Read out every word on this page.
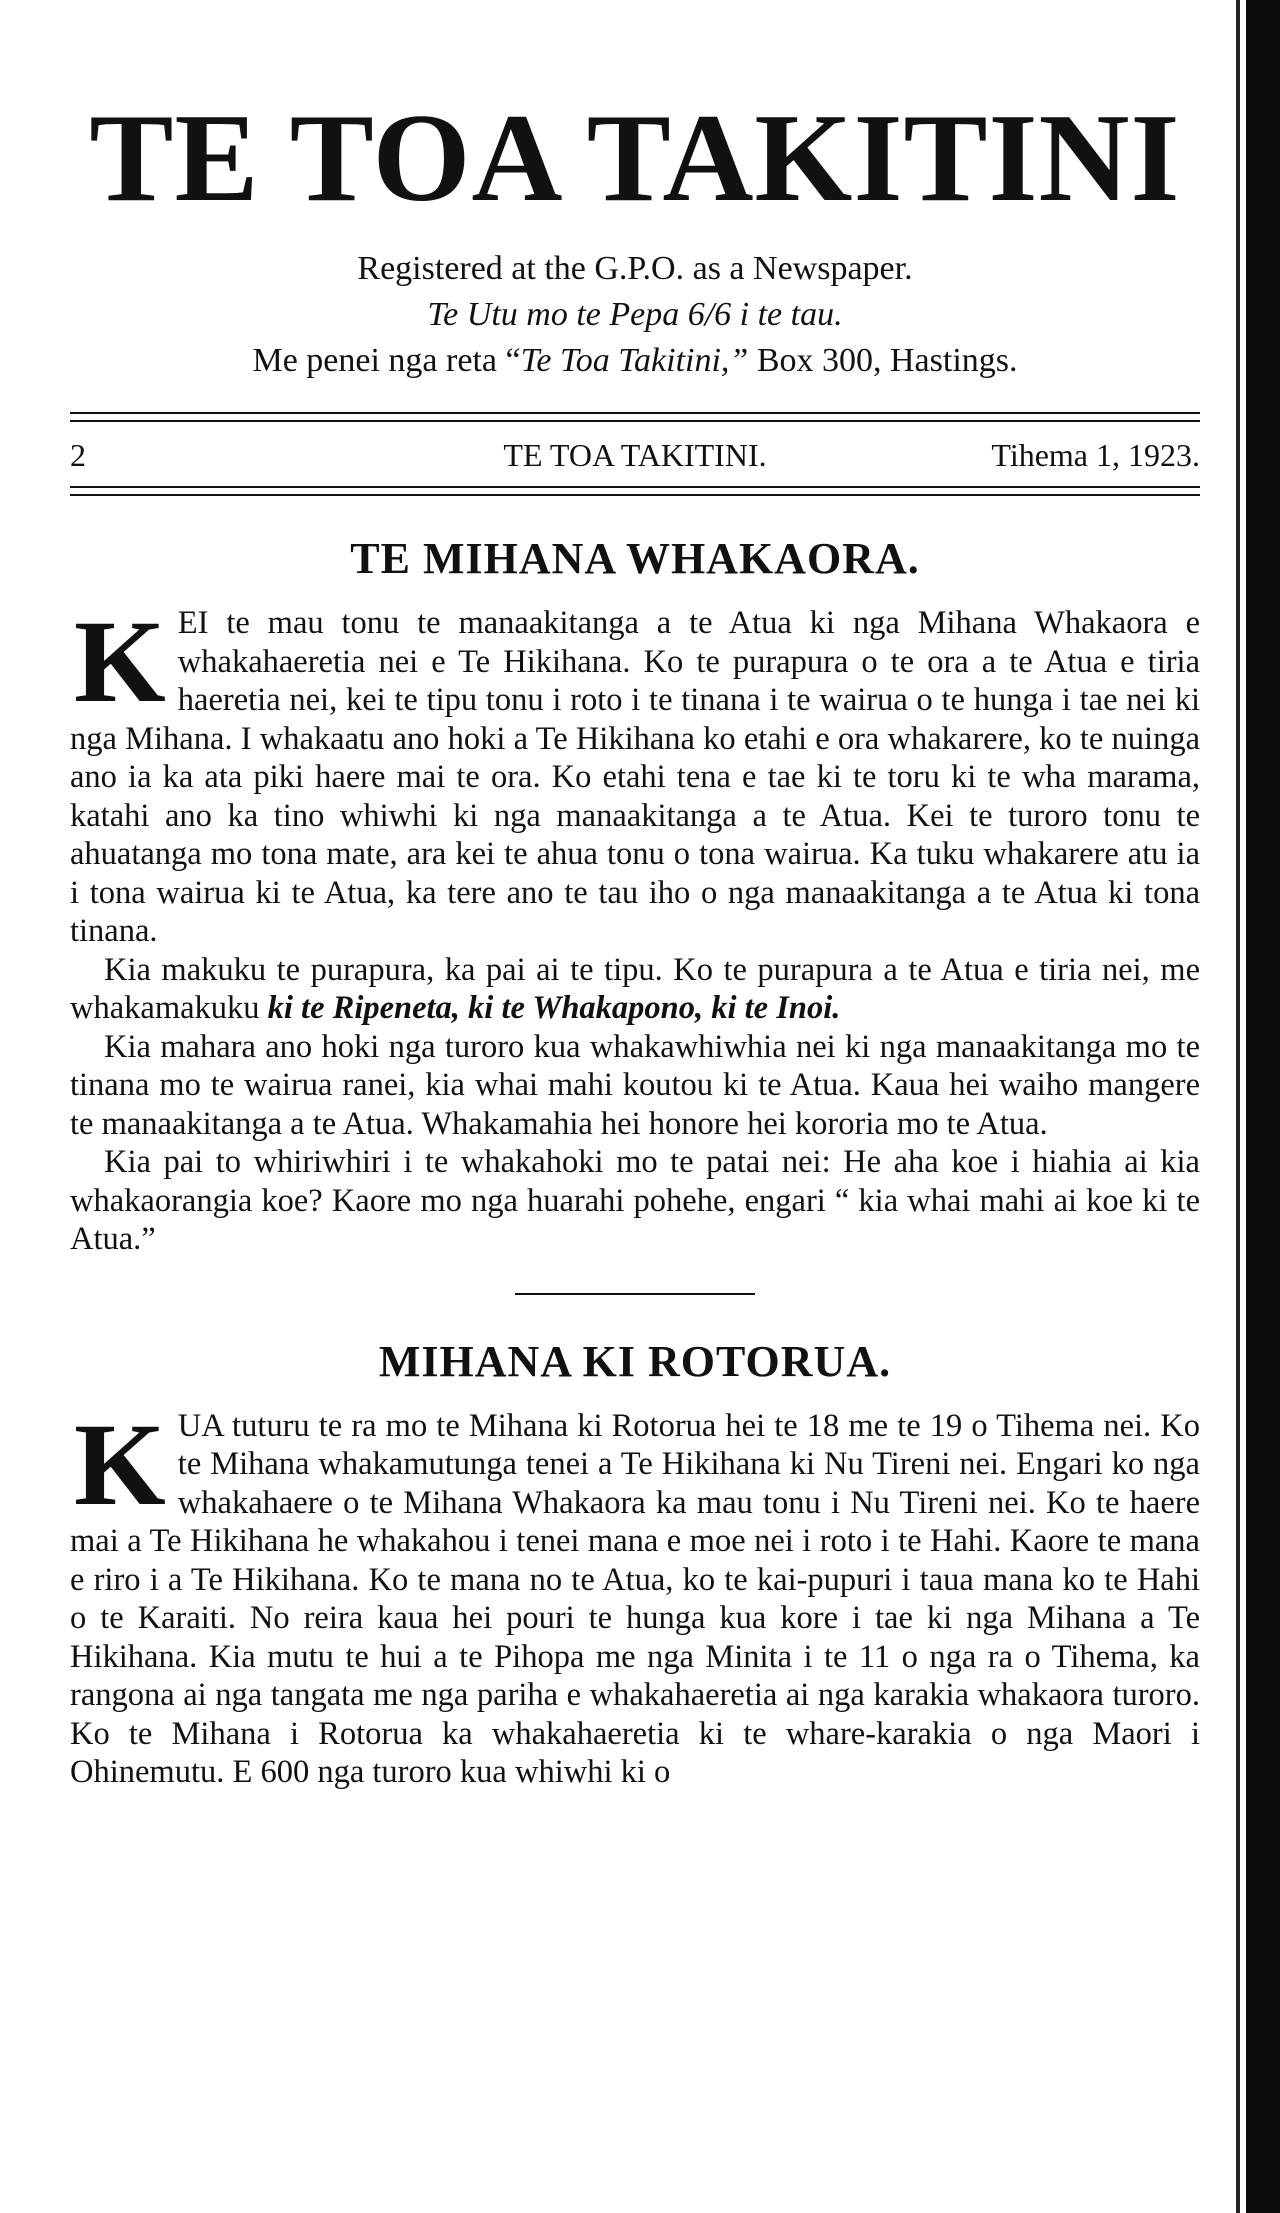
TE TOA TAKITINI
Registered at the G.P.O. as a Newspaper.
Te Utu mo te Pepa 6/6 i te tau.
Me penei nga reta “Te Toa Takitini,” Box 300, Hastings.
2	TE TOA TAKITINI.	Tihema 1, 1923.
TE MIHANA WHAKAORA.

KEI te mau tonu te manaakitanga a te Atua ki nga Mihana Whakaora e whakahaeretia nei e Te Hikihana. Ko te purapura o te ora a te Atua e tiria haeretia nei, kei te tipu tonu i roto i te tinana i te wairua o te hunga i tae nei ki nga Mihana. I whakaatu ano hoki a Te Hikihana ko etahi e ora whakarere, ko te nuinga ano ia ka ata piki haere mai te ora. Ko etahi tena e tae ki te toru ki te wha marama, katahi ano ka tino whiwhi ki nga manaakitanga a te Atua. Kei te turoro tonu te ahuatanga mo tona mate, ara kei te ahua tonu o tona wairua. Ka tuku whakarere atu ia i tona wairua ki te Atua, ka tere ano te tau iho o nga manaakitanga a te Atua ki tona tinana.

Kia makuku te purapura, ka pai ai te tipu. Ko te purapura a te Atua e tiria nei, me whakamakuku ki te Ripeneta, ki te Whakapono, ki te Inoi.

Kia mahara ano hoki nga turoro kua whakawhiwhia nei ki nga manaakitanga mo te tinana mo te wairua ranei, kia whai mahi koutou ki te Atua. Kaua hei waiho mangere te manaakitanga a te Atua. Whakamahia hei honore hei kororia mo te Atua.

Kia pai to whiriwhiri i te whakahoki mo te patai nei: He aha koe i hiahia ai kia whakaorangia koe? Kaore mo nga huarahi pohehe, engari “ kia whai mahi ai koe ki te Atua.”

MIHANA KI ROTORUA.

KUA tuturu te ra mo te Mihana ki Rotorua hei te 18 me te 19 o Tihema nei. Ko te Mihana whakamutunga tenei a Te Hikihana ki Nu Tireni nei. Engari ko nga whakahaere o te Mihana Whakaora ka mau tonu i Nu Tireni nei. Ko te haere mai a Te Hikihana he whakahou i tenei mana e moe nei i roto i te Hahi. Kaore te mana e riro i a Te Hikihana. Ko te mana no te Atua, ko te kai-pupuri i taua mana ko te Hahi o te Karaiti. No reira kaua hei pouri te hunga kua kore i tae ki nga Mihana a Te Hikihana. Kia mutu te hui a te Pihopa me nga Minita i te 11 o nga ra o Tihema, ka rangona ai nga tangata me nga pariha e whakahaeretia ai nga karakia whakaora turoro. Ko te Mihana i Rotorua ka whakahaeretia ki te whare-karakia o nga Maori i Ohinemutu. E 600 nga turoro kua whiwhi ki o
